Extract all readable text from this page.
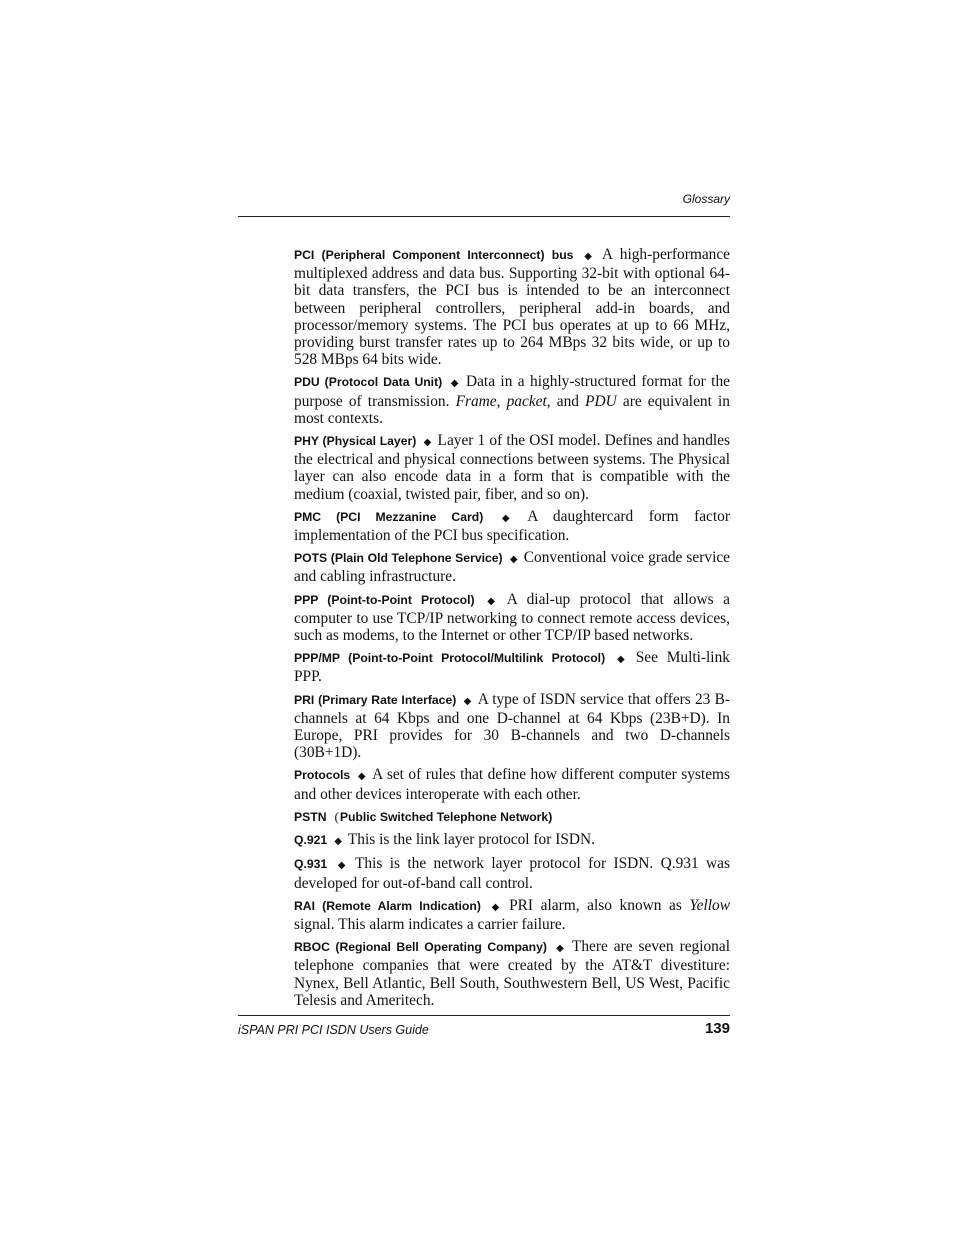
Glossary

PCI (Peripheral Component Interconnect) bus ◆ A high-performance multiplexed address and data bus. Supporting 32-bit with optional 64-bit data transfers, the PCI bus is intended to be an interconnect between peripheral controllers, peripheral add-in boards, and processor/memory systems. The PCI bus operates at up to 66 MHz, providing burst transfer rates up to 264 MBps 32 bits wide, or up to 528 MBps 64 bits wide.

PDU (Protocol Data Unit) ◆ Data in a highly-structured format for the purpose of transmission. Frame, packet, and PDU are equivalent in most contexts.

PHY (Physical Layer) ◆ Layer 1 of the OSI model. Defines and handles the electrical and physical connections between systems. The Physical layer can also encode data in a form that is compatible with the medium (coaxial, twisted pair, fiber, and so on).

PMC (PCI Mezzanine Card) ◆ A daughtercard form factor implementation of the PCI bus specification.

POTS (Plain Old Telephone Service) ◆ Conventional voice grade service and cabling infrastructure.

PPP (Point-to-Point Protocol) ◆ A dial-up protocol that allows a computer to use TCP/IP networking to connect remote access devices, such as modems, to the Internet or other TCP/IP based networks.

PPP/MP (Point-to-Point Protocol/Multilink Protocol) ◆ See Multi-link PPP.

PRI (Primary Rate Interface) ◆ A type of ISDN service that offers 23 B-channels at 64 Kbps and one D-channel at 64 Kbps (23B+D). In Europe, PRI provides for 30 B-channels and two D-channels (30B+1D).

Protocols ◆ A set of rules that define how different computer systems and other devices interoperate with each other.

PSTN (Public Switched Telephone Network)

Q.921 ◆ This is the link layer protocol for ISDN.

Q.931 ◆ This is the network layer protocol for ISDN. Q.931 was developed for out-of-band call control.

RAI (Remote Alarm Indication) ◆ PRI alarm, also known as Yellow signal. This alarm indicates a carrier failure.

RBOC (Regional Bell Operating Company) ◆ There are seven regional telephone companies that were created by the AT&T divestiture: Nynex, Bell Atlantic, Bell South, Southwestern Bell, US West, Pacific Telesis and Ameritech.

iSPAN PRI PCI ISDN Users Guide	139
